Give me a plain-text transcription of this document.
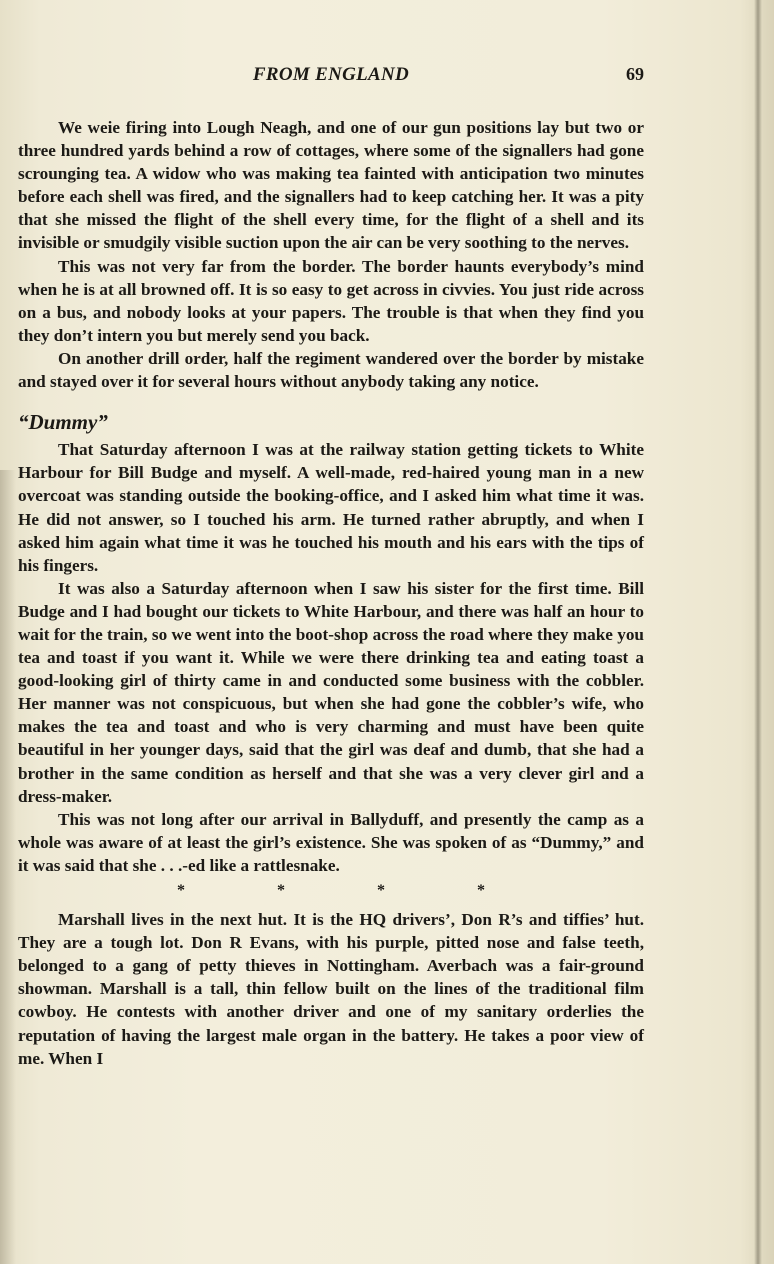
FROM ENGLAND	69

We weie firing into Lough Neagh, and one of our gun positions lay but two or three hundred yards behind a row of cottages, where some of the signallers had gone scrounging tea. A widow who was making tea fainted with anticipation two minutes before each shell was fired, and the signallers had to keep catching her. It was a pity that she missed the flight of the shell every time, for the flight of a shell and its invisible or smudgily visible suction upon the air can be very soothing to the nerves.

This was not very far from the border. The border haunts everybody’s mind when he is at all browned off. It is so easy to get across in civvies. You just ride across on a bus, and nobody looks at your papers. The trouble is that when they find you they don’t intern you but merely send you back.

On another drill order, half the regiment wandered over the border by mistake and stayed over it for several hours without anybody taking any notice.

“Dummy”

That Saturday afternoon I was at the railway station getting tickets to White Harbour for Bill Budge and myself. A well-made, red-haired young man in a new overcoat was standing outside the booking-office, and I asked him what time it was. He did not answer, so I touched his arm. He turned rather abruptly, and when I asked him again what time it was he touched his mouth and his ears with the tips of his fingers.

It was also a Saturday afternoon when I saw his sister for the first time. Bill Budge and I had bought our tickets to White Harbour, and there was half an hour to wait for the train, so we went into the boot-shop across the road where they make you tea and toast if you want it. While we were there drinking tea and eating toast a good-looking girl of thirty came in and conducted some business with the cobbler. Her manner was not conspicuous, but when she had gone the cobbler’s wife, who makes the tea and toast and who is very charming and must have been quite beautiful in her younger days, said that the girl was deaf and dumb, that she had a brother in the same condition as herself and that she was a very clever girl and a dress-maker.

This was not long after our arrival in Ballyduff, and presently the camp as a whole was aware of at least the girl’s existence. She was spoken of as “Dummy,” and it was said that she . . .-ed like a rattlesnake.

* * * *

Marshall lives in the next hut. It is the HQ drivers’, Don R’s and tiffies’ hut. They are a tough lot. Don R Evans, with his purple, pitted nose and false teeth, belonged to a gang of petty thieves in Nottingham. Averbach was a fair-ground showman. Marshall is a tall, thin fellow built on the lines of the traditional film cowboy. He contests with another driver and one of my sanitary orderlies the reputation of having the largest male organ in the battery. He takes a poor view of me. When I
